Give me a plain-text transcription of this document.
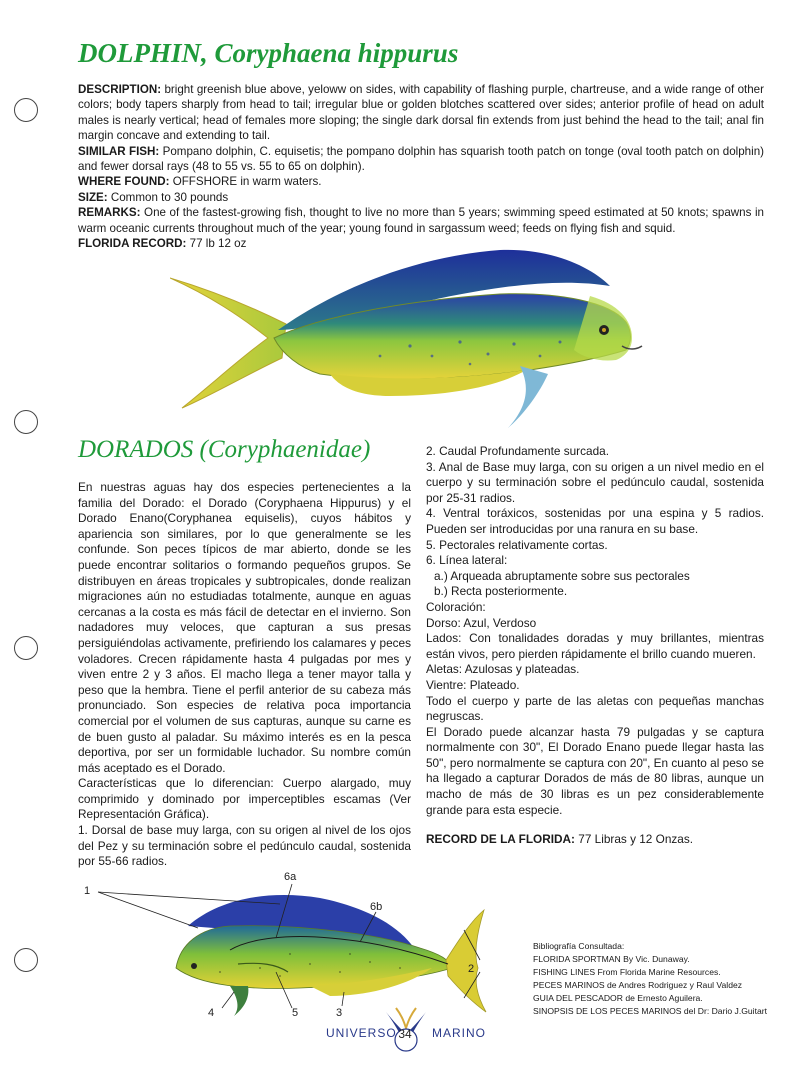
DOLPHIN, Coryphaena hippurus

DESCRIPTION: bright greenish blue above, yeloww on sides, with capability of flashing purple, chartreuse, and a wide range of other colors; body tapers sharply from head to tail; irregular blue or golden blotches scattered over sides; anterior profile of head on adult males is nearly vertical; head of females more sloping; the single dark dorsal fin extends from just behind the head to the tail; anal fin margin concave and extending to tail.

SIMILAR FISH: Pompano dolphin, C. equisetis; the pompano dolphin has squarish tooth patch on tonge (oval tooth patch on dolphin) and fewer dorsal rays (48 to 55 vs. 55 to 65 on dolphin).

WHERE FOUND: OFFSHORE in warm waters.

SIZE: Common to 30 pounds

REMARKS: One of the fastest-growing fish, thought to live no more than 5 years; swimming speed estimated at 50 knots; spawns in warm oceanic currents throughout much of the year; young found in sargassum weed; feeds on flying fish and squid.

FLORIDA RECORD: 77 lb 12 oz

DORADOS (Coryphaenidae)

En nuestras aguas hay dos especies pertenecientes a la familia del Dorado: el Dorado (Coryphaena Hippurus) y el Dorado Enano(Coryphanea equiselis), cuyos hábitos y apariencia son similares, por lo que generalmente se les confunde. Son peces típicos de mar abierto, donde se les puede encontrar solitarios o formando pequeños grupos. Se distribuyen en áreas tropicales y subtropicales, donde realizan migraciones aún no estudiadas totalmente, aunque en aguas cercanas a la costa es más fácil de detectar en el invierno. Son nadadores muy veloces, que capturan a sus presas persiguiéndolas activamente, prefiriendo los calamares y peces voladores. Crecen rápidamente hasta 4 pulgadas por mes y viven entre 2 y 3 años. El macho llega a tener mayor talla y peso que la hembra. Tiene el perfil anterior de su cabeza más pronunciado. Son especies de relativa poca importancia comercial por el volumen de sus capturas, aunque su carne es de buen gusto al paladar. Su máximo interés es en la pesca deportiva, por ser un formidable luchador. Su nombre común más aceptado es el Dorado.

Características que lo diferencian: Cuerpo alargado, muy comprimido y dominado por imperceptibles escamas (Ver Representación Gráfica).

1. Dorsal de base muy larga, con su origen al nivel de los ojos del Pez y su terminación sobre el pedúnculo caudal, sostenida por 55-66 radios.

2. Caudal Profundamente surcada.

3. Anal de Base muy larga, con su origen a un nivel medio en el cuerpo y su terminación sobre el pedúnculo caudal, sostenida por 25-31 radios.

4. Ventral toráxicos, sostenidas por una espina y 5 radios. Pueden ser introducidas por una ranura en su base.

5. Pectorales relativamente cortas.

6. Línea lateral:

a.) Arqueada abruptamente sobre sus pectorales

b.) Recta posteriormente.

Coloración:

Dorso: Azul, Verdoso

Lados: Con tonalidades doradas y muy brillantes, mientras están vivos, pero pierden rápidamente el brillo cuando mueren.

Aletas: Azulosas y plateadas.

Vientre: Plateado.

Todo el cuerpo y parte de las aletas con pequeñas manchas negruscas.

El Dorado puede alcanzar hasta 79 pulgadas y se captura normalmente con 30", El Dorado Enano puede llegar hasta las 50", pero normalmente se captura con 20", En cuanto al peso se ha llegado a capturar Dorados de más de 80 libras, aunque un macho de más de 30 libras es un pez considerablemente grande para esta especie.

RECORD DE LA FLORIDA: 77 Libras y 12 Onzas.

1
6a
6b
2
3
5
4

Bibliografía Consultada:

FLORIDA SPORTMAN By Vic. Dunaway.

FISHING LINES From Florida Marine Resources.

PECES MARINOS de Andres Rodriguez y Raul Valdez

GUIA DEL PESCADOR de Ernesto Aguilera.

SINOPSIS DE LOS PECES MARINOS del Dr: Dario J.Guitart

UNIVERSO	MARINO
34
